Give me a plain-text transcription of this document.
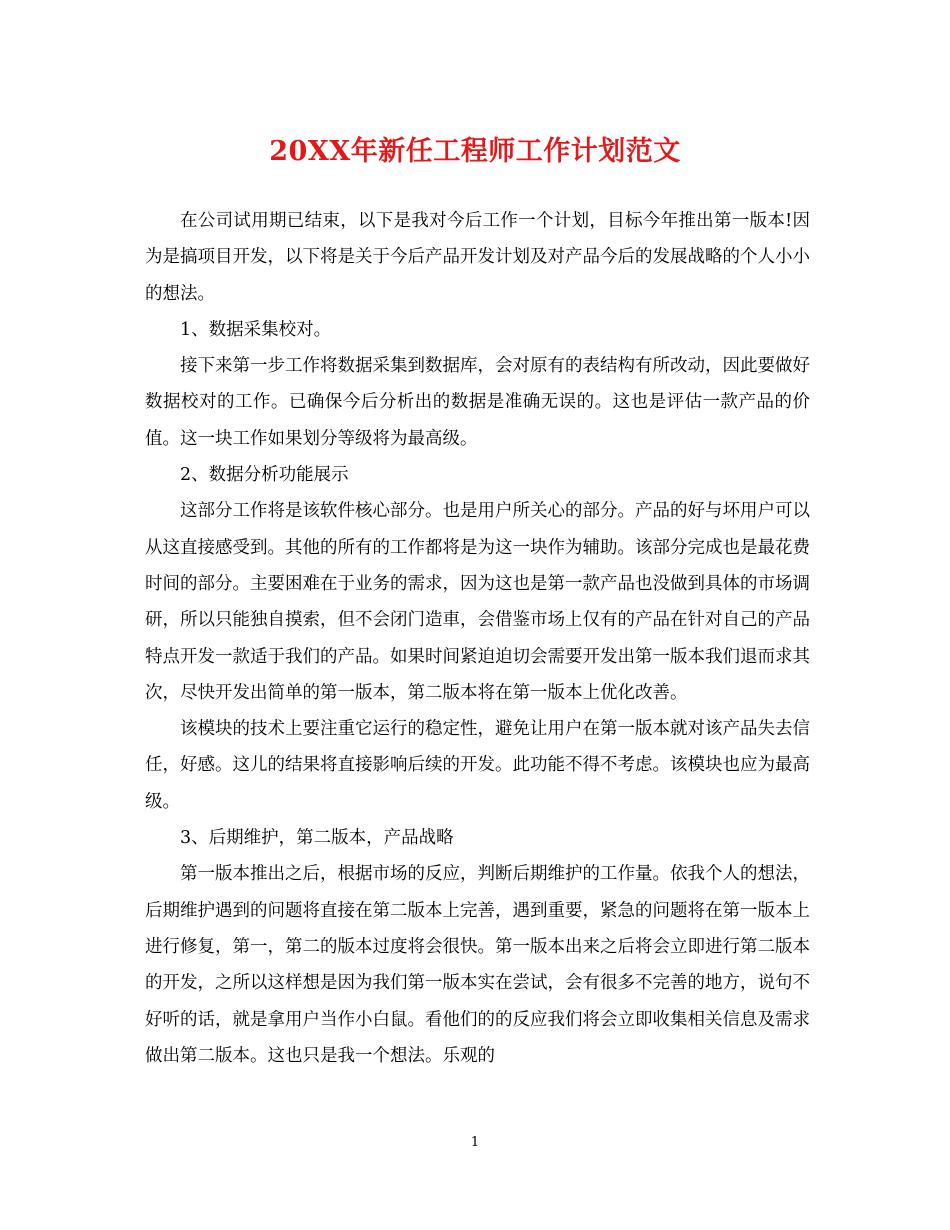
20XX年新任工程师工作计划范文

在公司试用期已结束，以下是我对今后工作一个计划，目标今年推出第一版本!因为是搞项目开发，以下将是关于今后产品开发计划及对产品今后的发展战略的个人小小的想法。

1、数据采集校对。

接下来第一步工作将数据采集到数据库，会对原有的表结构有所改动，因此要做好数据校对的工作。已确保今后分析出的数据是准确无误的。这也是评估一款产品的价值。这一块工作如果划分等级将为最高级。

2、数据分析功能展示

这部分工作将是该软件核心部分。也是用户所关心的部分。产品的好与坏用户可以从这直接感受到。其他的所有的工作都将是为这一块作为辅助。该部分完成也是最花费时间的部分。主要困难在于业务的需求，因为这也是第一款产品也没做到具体的市场调研，所以只能独自摸索，但不会闭门造車，会借鉴市场上仅有的产品在针对自己的产品特点开发一款适于我们的产品。如果时间紧迫迫切会需要开发出第一版本我们退而求其次，尽快开发出简单的第一版本，第二版本将在第一版本上优化改善。

该模块的技术上要注重它运行的稳定性，避免让用户在第一版本就对该产品失去信任，好感。这儿的结果将直接影响后续的开发。此功能不得不考虑。该模块也应为最高级。

3、后期维护，第二版本，产品战略

第一版本推出之后，根据市场的反应，判断后期维护的工作量。依我个人的想法，后期维护遇到的问题将直接在第二版本上完善，遇到重要，紧急的问题将在第一版本上进行修复，第一，第二的版本过度将会很快。第一版本出来之后将会立即进行第二版本的开发，之所以这样想是因为我们第一版本实在尝试，会有很多不完善的地方，说句不好听的话，就是拿用户当作小白鼠。看他们的的反应我们将会立即收集相关信息及需求做出第二版本。这也只是我一个想法。乐观的

1
